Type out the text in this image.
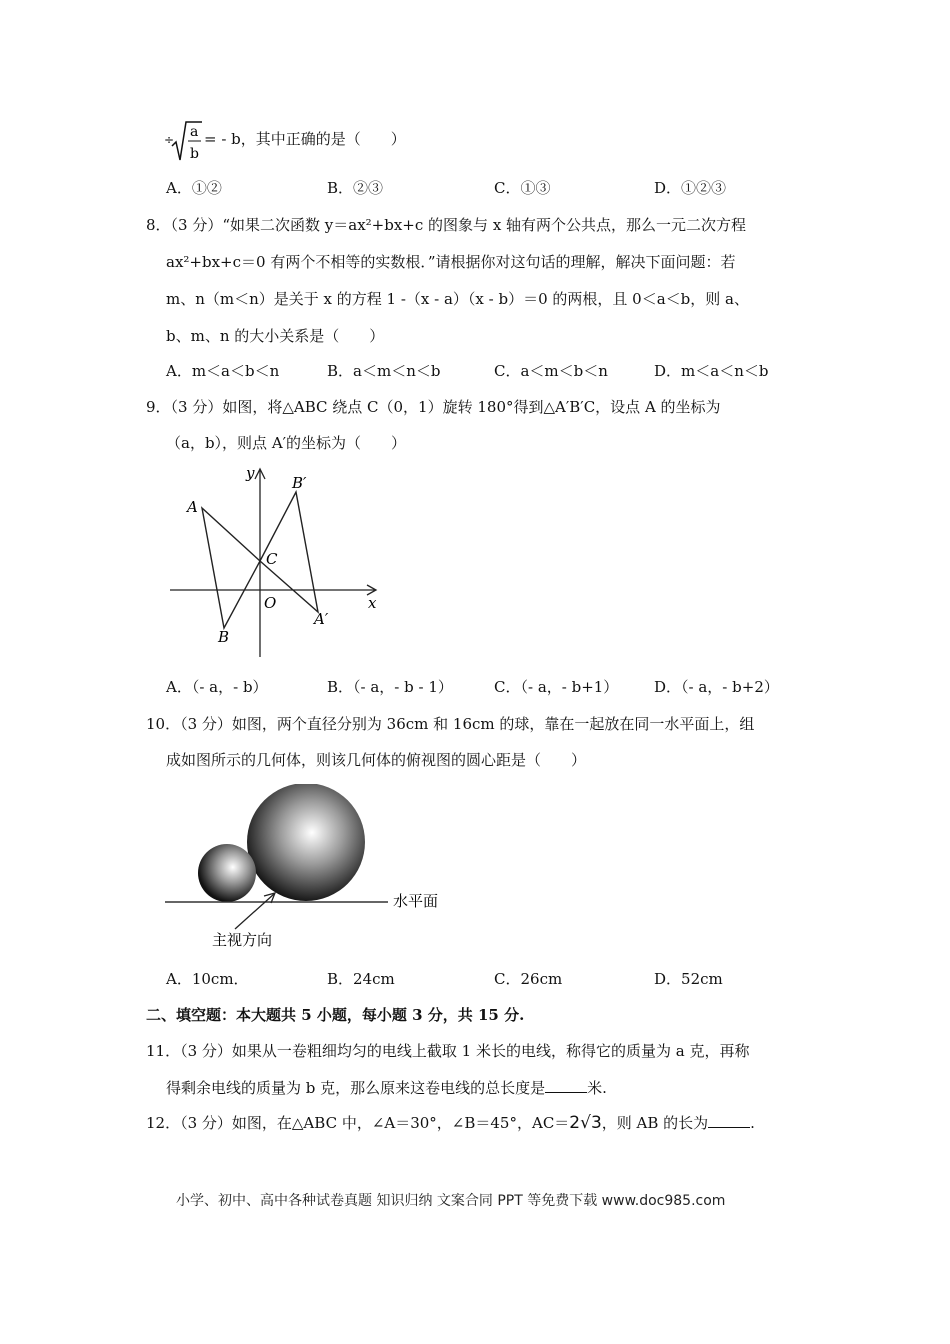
÷ a
b
= - b，其中正确的是（　　）
A．①②	B．②③	C．①③	D．①②③
8．（3 分）“如果二次函数 y＝ax²+bx+c 的图象与 x 轴有两个公共点，那么一元二次方程
ax²+bx+c＝0 有两个不相等的实数根．”请根据你对这句话的理解，解决下面问题：若
m、n（m＜n）是关于 x 的方程 1 -（x - a）（x - b）＝0 的两根，且 0＜a＜b，则 a、
b、m、n 的大小关系是（　　）
A．m＜a＜b＜n	B．a＜m＜n＜b	C．a＜m＜b＜n	D．m＜a＜n＜b
9．（3 分）如图，将△ABC 绕点 C（0，1）旋转 180°得到△A′B′C，设点 A 的坐标为
（a，b），则点 A′的坐标为（　　）
y
x
A
B
C
O
A′
B′
A．（- a，- b）	B．（- a，- b - 1）	C．（- a，- b+1） D．（- a，- b+2）
10．（3 分）如图，两个直径分别为 36cm 和 16cm 的球，靠在一起放在同一水平面上，组
成如图所示的几何体，则该几何体的俯视图的圆心距是（　　）
水平面
主视方向
A．10cm．	B．24cm	C．26cm	D．52cm
二、填空题：本大题共 5 小题，每小题 3 分，共 15 分.
11．（3 分）如果从一卷粗细均匀的电线上截取 1 米长的电线，称得它的质量为 a 克，再称
得剩余电线的质量为 b 克，那么原来这卷电线的总长度是	米.
12．（3 分）如图，在△ABC 中，∠A＝30°，∠B＝45°，AC＝2√3，则 AB 的长为	.
小学、初中、高中各种试卷真题 知识归纳 文案合同 PPT 等免费下载 www.doc985.com
